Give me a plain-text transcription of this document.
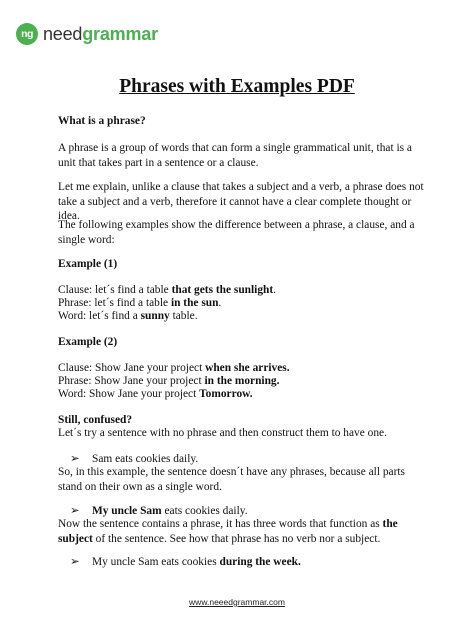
ng needgrammar
Phrases with Examples PDF

What is a phrase?

A phrase is a group of words that can form a single grammatical unit, that is a unit that takes part in a sentence or a clause.

Let me explain, unlike a clause that takes a subject and a verb, a phrase does not take a subject and a verb, therefore it cannot have a clear complete thought or idea.

The following examples show the difference between a phrase, a clause, and a single word:

Example (1)

Clause: let´s find a table that gets the sunlight.

Phrase: let´s find a table in the sun.

Word: let´s find a sunny table.

Example (2)

Clause: Show Jane your project when she arrives.

Phrase: Show Jane your project in the morning.

Word: Show Jane your project Tomorrow.

Still, confused?

Let´s try a sentence with no phrase and then construct them to have one.

➢ Sam eats cookies daily.

So, in this example, the sentence doesn´t have any phrases, because all parts stand on their own as a single word.

➢ My uncle Sam eats cookies daily.

Now the sentence contains a phrase, it has three words that function as the subject of the sentence. See how that phrase has no verb nor a subject.

➢ My uncle Sam eats cookies during the week.

www.neeedgrammar.com
